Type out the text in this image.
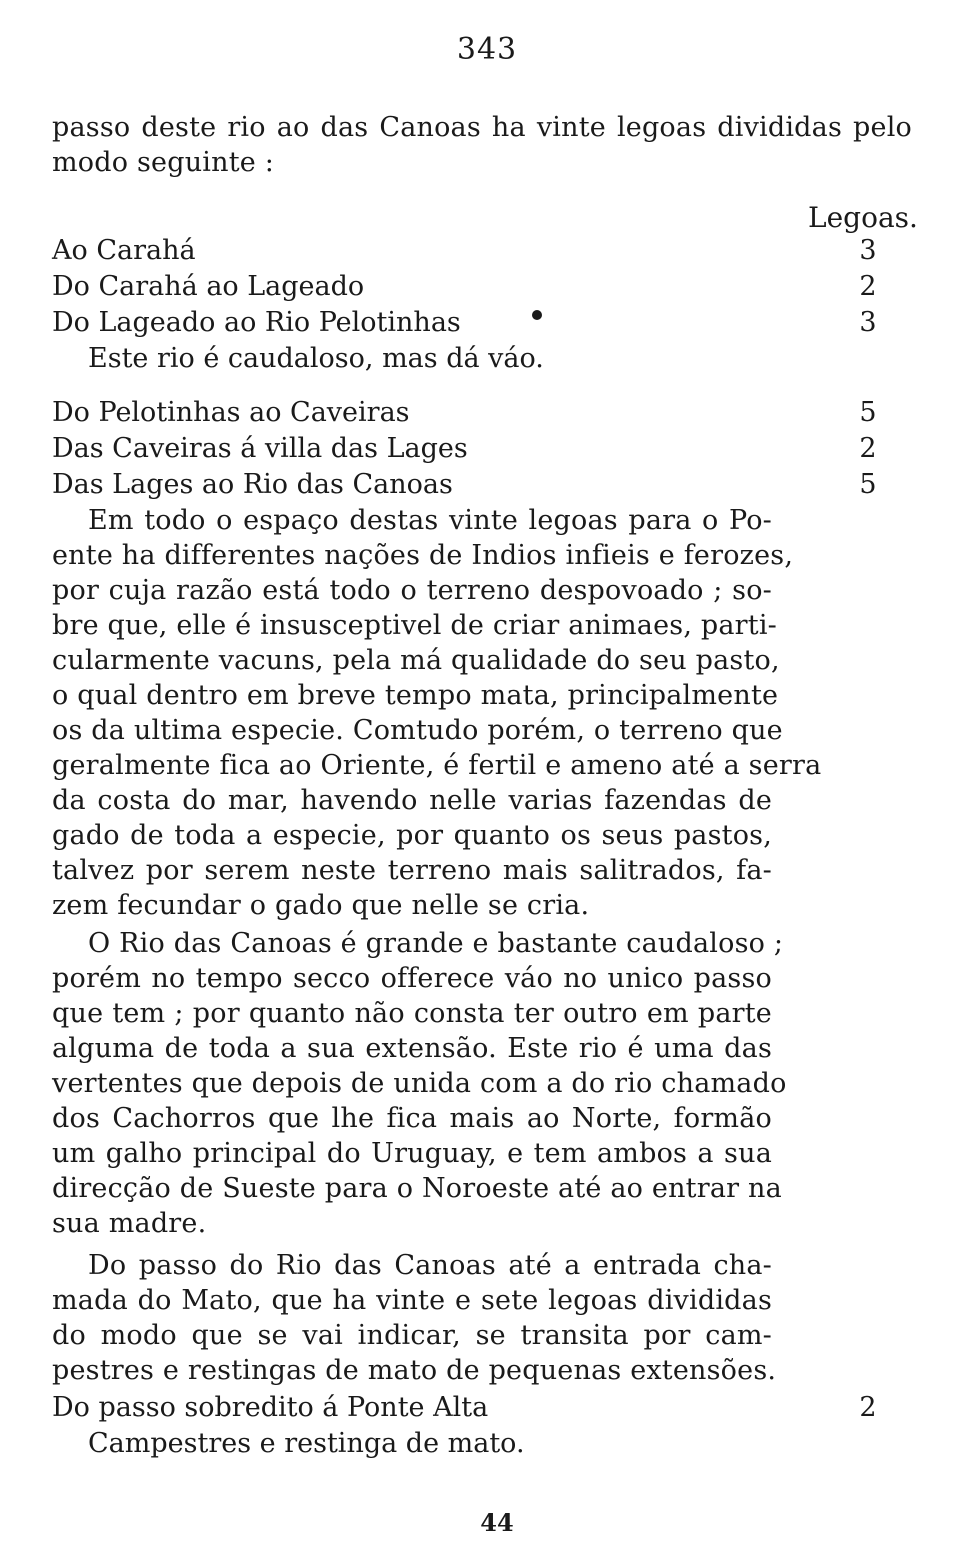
343
passo deste rio ao das Canoas ha vinte legoas divididas pelo
modo seguinte :
Legoas.
Ao Carahá	3
Do Carahá ao Lageado	2
Do Lageado ao Rio Pelotinhas	3
Este rio é caudaloso, mas dá váo.
Do Pelotinhas ao Caveiras	5
Das Caveiras á villa das Lages	2
Das Lages ao Rio das Canoas	5
Em todo o espaço destas vinte legoas para o Po-
ente ha differentes nações de Indios infieis e ferozes,
por cuja razão está todo o terreno despovoado ; so-
bre que, elle é insusceptivel de criar animaes, parti-
cularmente vacuns, pela má qualidade do seu pasto,
o qual dentro em breve tempo mata, principalmente
os da ultima especie. Comtudo porém, o terreno que
geralmente fica ao Oriente, é fertil e ameno até a serra
da costa do mar, havendo nelle varias fazendas de
gado de toda a especie, por quanto os seus pastos,
talvez por serem neste terreno mais salitrados, fa-
zem fecundar o gado que nelle se cria.
O Rio das Canoas é grande e bastante caudaloso ;
porém no tempo secco offerece váo no unico passo
que tem ; por quanto não consta ter outro em parte
alguma de toda a sua extensão. Este rio é uma das
vertentes que depois de unida com a do rio chamado
dos Cachorros que lhe fica mais ao Norte, formão
um galho principal do Uruguay, e tem ambos a sua
direcção de Sueste para o Noroeste até ao entrar na
sua madre.
Do passo do Rio das Canoas até a entrada cha-
mada do Mato, que ha vinte e sete legoas divididas
do modo que se vai indicar, se transita por cam-
pestres e restingas de mato de pequenas extensões.
Do passo sobredito á Ponte Alta	2
Campestres e restinga de mato.
44
